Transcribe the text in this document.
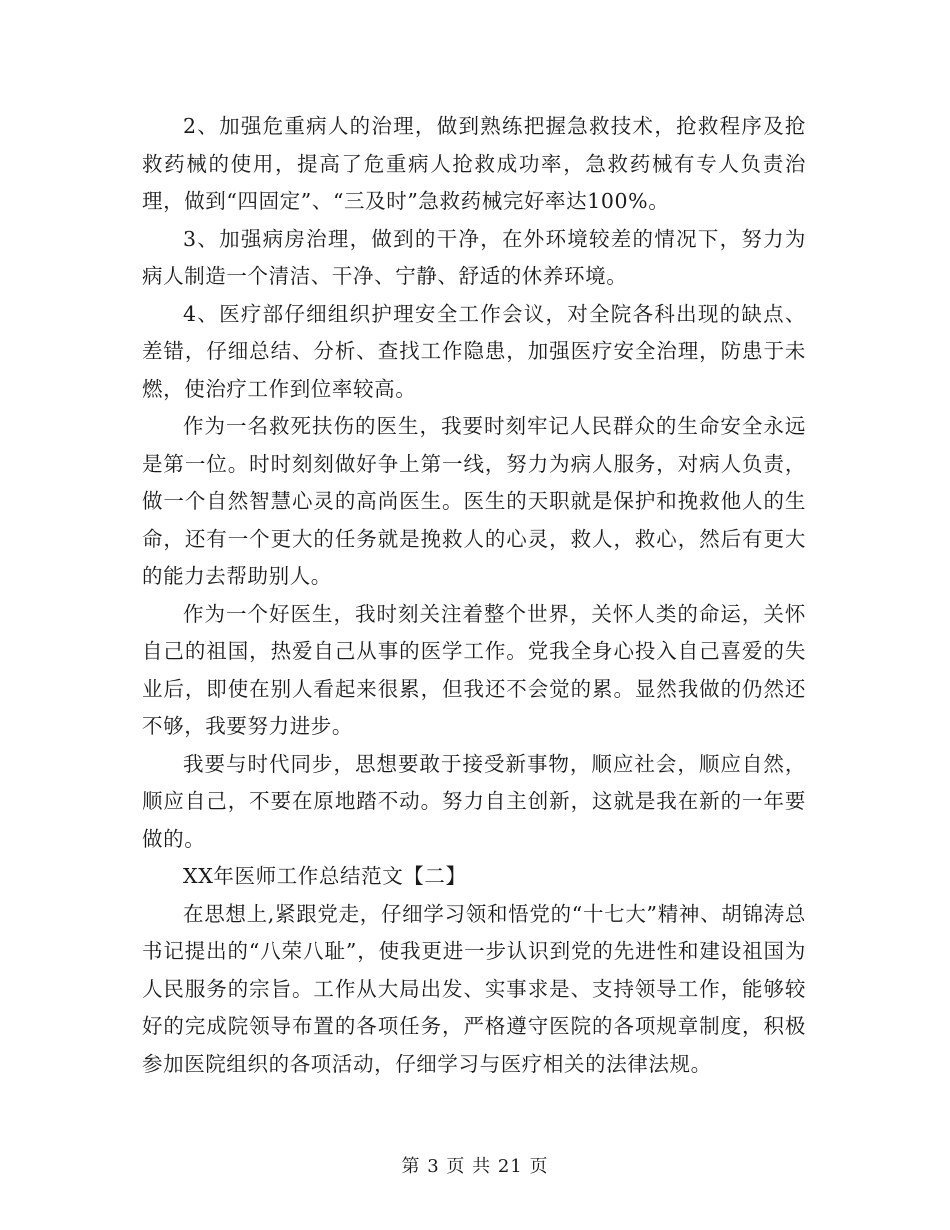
2、加强危重病人的治理，做到熟练把握急救技术，抢救程序及抢救药械的使用，提高了危重病人抢救成功率，急救药械有专人负责治理，做到“四固定”、“三及时”急救药械完好率达100%。

3、加强病房治理，做到的干净，在外环境较差的情况下，努力为病人制造一个清洁、干净、宁静、舒适的休养环境。

4、医疗部仔细组织护理安全工作会议，对全院各科出现的缺点、差错，仔细总结、分析、查找工作隐患，加强医疗安全治理，防患于未燃，使治疗工作到位率较高。

作为一名救死扶伤的医生，我要时刻牢记人民群众的生命安全永远是第一位。时时刻刻做好争上第一线，努力为病人服务，对病人负责，做一个自然智慧心灵的高尚医生。医生的天职就是保护和挽救他人的生命，还有一个更大的任务就是挽救人的心灵，救人，救心，然后有更大的能力去帮助别人。

作为一个好医生，我时刻关注着整个世界，关怀人类的命运，关怀自己的祖国，热爱自己从事的医学工作。党我全身心投入自己喜爱的失业后，即使在别人看起来很累，但我还不会觉的累。显然我做的仍然还不够，我要努力进步。

我要与时代同步，思想要敢于接受新事物，顺应社会，顺应自然，顺应自己，不要在原地踏不动。努力自主创新，这就是我在新的一年要做的。

XX年医师工作总结范文【二】

在思想上,紧跟党走，仔细学习领和悟党的“十七大”精神、胡锦涛总书记提出的“八荣八耻”，使我更进一步认识到党的先进性和建设祖国为人民服务的宗旨。工作从大局出发、实事求是、支持领导工作，能够较好的完成院领导布置的各项任务，严格遵守医院的各项规章制度，积极参加医院组织的各项活动，仔细学习与医疗相关的法律法规。

第 3 页 共 21 页
